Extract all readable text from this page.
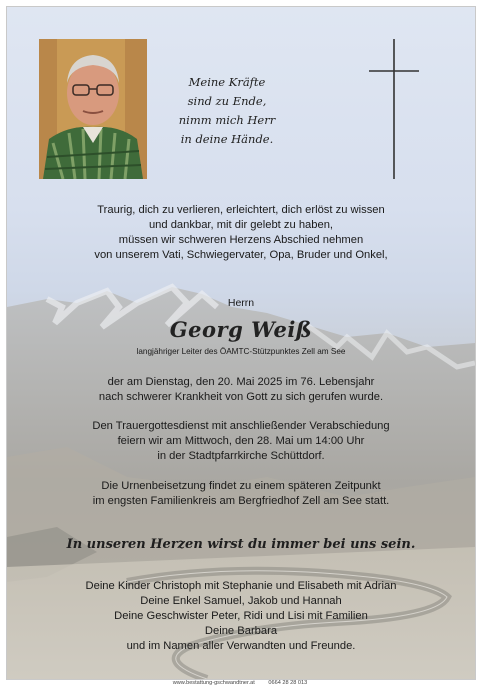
Meine Kräfte
sind zu Ende,
nimm mich Herr
in deine Hände.
Traurig, dich zu verlieren, erleichtert, dich erlöst zu wissen
und dankbar, mit dir gelebt zu haben,
müssen wir schweren Herzens Abschied nehmen
von unserem Vati, Schwiegervater, Opa, Bruder und Onkel,
Herrn
Georg Weiß
langjähriger Leiter des ÖAMTC-Stützpunktes Zell am See
der am Dienstag, den 20. Mai 2025 im 76. Lebensjahr
nach schwerer Krankheit von Gott zu sich gerufen wurde.
Den Trauergottesdienst mit anschließender Verabschiedung
feiern wir am Mittwoch, den 28. Mai um 14:00 Uhr
in der Stadtpfarrkirche Schüttdorf.
Die Urnenbeisetzung findet zu einem späteren Zeitpunkt
im engsten Familienkreis am Bergfriedhof Zell am See statt.
In unseren Herzen wirst du immer bei uns sein.
Deine Kinder Christoph mit Stephanie und Elisabeth mit Adrian
Deine Enkel Samuel, Jakob und Hannah
Deine Geschwister Peter, Ridi und Lisi mit Familien
Deine Barbara
und im Namen aller Verwandten und Freunde.
www.bestattung-gschwandtner.at 0664 28 28 013
